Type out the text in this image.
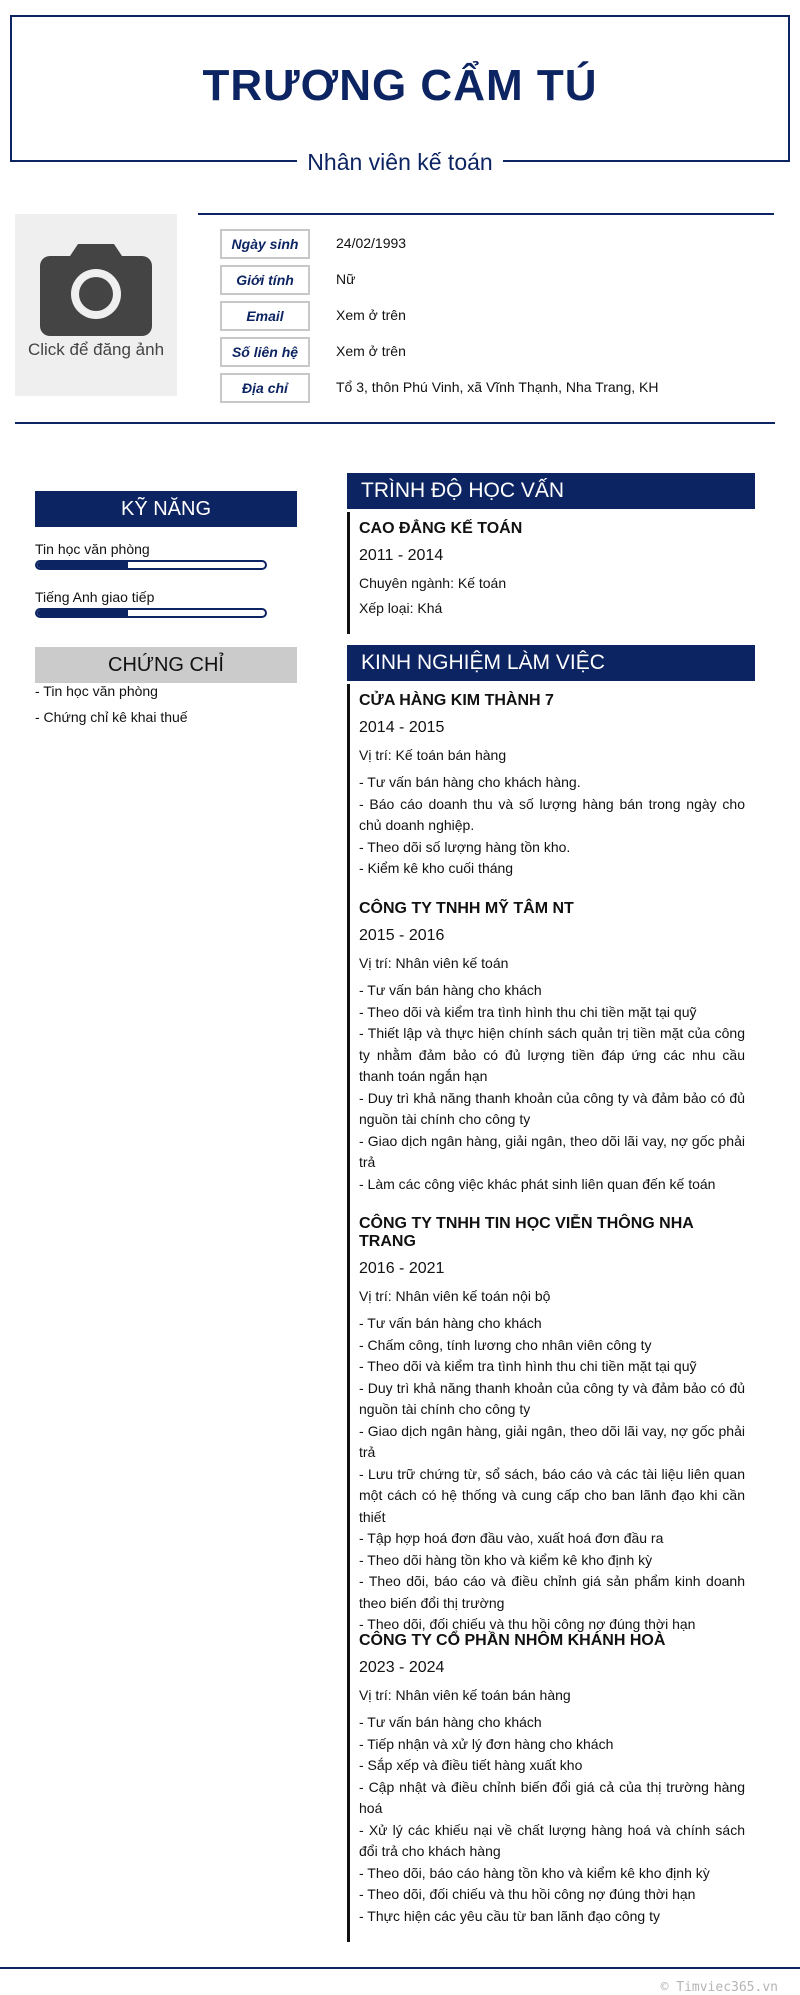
TRƯƠNG CẨM TÚ
Nhân viên kế toán
Click để đăng ảnh
Ngày sinh	24/02/1993
Giới tính	Nữ
Email	Xem ở trên
Số liên hệ	Xem ở trên
Địa chỉ	Tổ 3, thôn Phú Vinh, xã Vĩnh Thạnh, Nha Trang, KH
KỸ NĂNG
Tin học văn phòng
Tiếng Anh giao tiếp
CHỨNG CHỈ
- Tin học văn phòng
- Chứng chỉ kê khai thuế
TRÌNH ĐỘ HỌC VẤN
CAO ĐẲNG KẾ TOÁN
2011 - 2014
Chuyên ngành: Kế toán
Xếp loại: Khá
KINH NGHIỆM LÀM VIỆC
CỬA HÀNG KIM THÀNH 7
2014 - 2015
Vị trí: Kế toán bán hàng
- Tư vấn bán hàng cho khách hàng.
- Báo cáo doanh thu và số lượng hàng bán trong ngày cho chủ doanh nghiệp.
- Theo dõi số lượng hàng tồn kho.
- Kiểm kê kho cuối tháng
CÔNG TY TNHH MỸ TÂM NT
2015 - 2016
Vị trí: Nhân viên kế toán
- Tư vấn bán hàng cho khách
- Theo dõi và kiểm tra tình hình thu chi tiền mặt tại quỹ
- Thiết lập và thực hiện chính sách quản trị tiền mặt của công ty nhằm đảm bảo có đủ lượng tiền đáp ứng các nhu cầu thanh toán ngắn hạn
- Duy trì khả năng thanh khoản của công ty và đảm bảo có đủ nguồn tài chính cho công ty
- Giao dịch ngân hàng, giải ngân, theo dõi lãi vay, nợ gốc phải trả
- Làm các công việc khác phát sinh liên quan đến kế toán
CÔNG TY TNHH TIN HỌC VIỄN THÔNG NHA TRANG
2016 - 2021
Vị trí: Nhân viên kế toán nội bộ
- Tư vấn bán hàng cho khách
- Chấm công, tính lương cho nhân viên công ty
- Theo dõi và kiểm tra tình hình thu chi tiền mặt tại quỹ
- Duy trì khả năng thanh khoản của công ty và đảm bảo có đủ nguồn tài chính cho công ty
- Giao dịch ngân hàng, giải ngân, theo dõi lãi vay, nợ gốc phải trả
- Lưu trữ chứng từ, sổ sách, báo cáo và các tài liệu liên quan một cách có hệ thống và cung cấp cho ban lãnh đạo khi cần thiết
- Tập hợp hoá đơn đầu vào, xuất hoá đơn đầu ra
- Theo dõi hàng tồn kho và kiểm kê kho định kỳ
- Theo dõi, báo cáo và điều chỉnh giá sản phẩm kinh doanh theo biến đổi thị trường
- Theo dõi, đối chiếu và thu hồi công nợ đúng thời hạn
CÔNG TY CỔ PHẦN NHÔM KHÁNH HOÀ
2023 - 2024
Vị trí: Nhân viên kế toán bán hàng
- Tư vấn bán hàng cho khách
- Tiếp nhận và xử lý đơn hàng cho khách
- Sắp xếp và điều tiết hàng xuất kho
- Cập nhật và điều chỉnh biến đổi giá cả của thị trường hàng hoá
- Xử lý các khiếu nại về chất lượng hàng hoá và chính sách đổi trả cho khách hàng
- Theo dõi, báo cáo hàng tồn kho và kiểm kê kho định kỳ
- Theo dõi, đối chiếu và thu hồi công nợ đúng thời hạn
- Thực hiện các yêu cầu từ ban lãnh đạo công ty
© Timviec365.vn
